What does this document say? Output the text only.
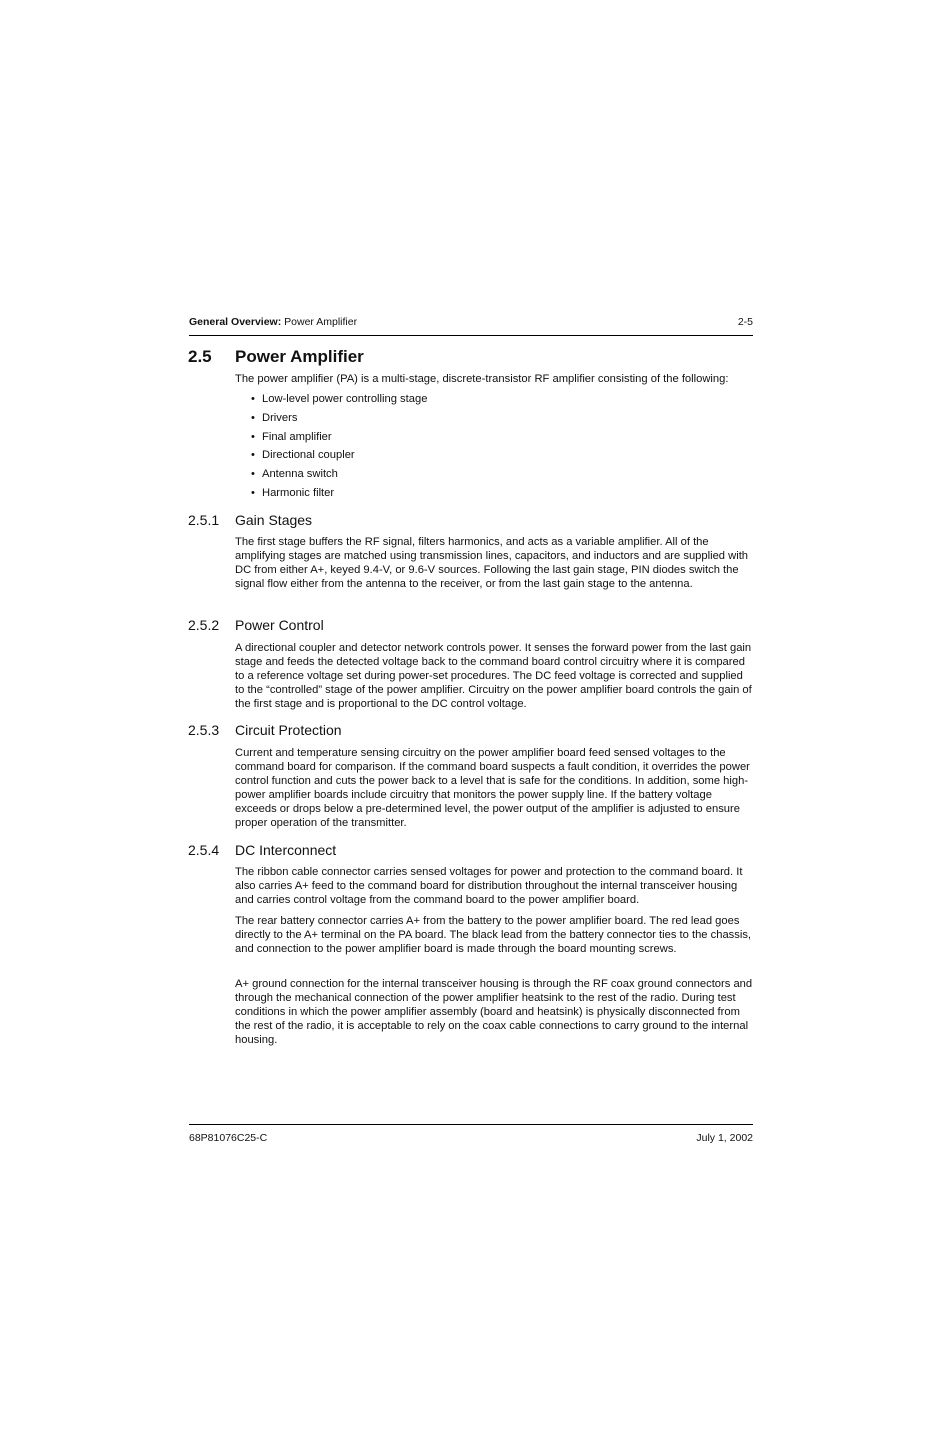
General Overview: Power Amplifier	2-5
2.5 Power Amplifier
The power amplifier (PA) is a multi-stage, discrete-transistor RF amplifier consisting of the following:
• Low-level power controlling stage
• Drivers
• Final amplifier
• Directional coupler
• Antenna switch
• Harmonic filter
2.5.1 Gain Stages
The first stage buffers the RF signal, filters harmonics, and acts as a variable amplifier. All of the amplifying stages are matched using transmission lines, capacitors, and inductors and are supplied with DC from either A+, keyed 9.4-V, or 9.6-V sources. Following the last gain stage, PIN diodes switch the signal flow either from the antenna to the receiver, or from the last gain stage to the antenna.
2.5.2 Power Control
A directional coupler and detector network controls power. It senses the forward power from the last gain stage and feeds the detected voltage back to the command board control circuitry where it is compared to a reference voltage set during power-set procedures. The DC feed voltage is corrected and supplied to the “controlled” stage of the power amplifier. Circuitry on the power amplifier board controls the gain of the first stage and is proportional to the DC control voltage.
2.5.3 Circuit Protection
Current and temperature sensing circuitry on the power amplifier board feed sensed voltages to the command board for comparison. If the command board suspects a fault condition, it overrides the power control function and cuts the power back to a level that is safe for the conditions. In addition, some high-power amplifier boards include circuitry that monitors the power supply line. If the battery voltage exceeds or drops below a pre-determined level, the power output of the amplifier is adjusted to ensure proper operation of the transmitter.
2.5.4 DC Interconnect
The ribbon cable connector carries sensed voltages for power and protection to the command board. It also carries A+ feed to the command board for distribution throughout the internal transceiver housing and carries control voltage from the command board to the power amplifier board.
The rear battery connector carries A+ from the battery to the power amplifier board. The red lead goes directly to the A+ terminal on the PA board. The black lead from the battery connector ties to the chassis, and connection to the power amplifier board is made through the board mounting screws.
A+ ground connection for the internal transceiver housing is through the RF coax ground connectors and through the mechanical connection of the power amplifier heatsink to the rest of the radio. During test conditions in which the power amplifier assembly (board and heatsink) is physically disconnected from the rest of the radio, it is acceptable to rely on the coax cable connections to carry ground to the internal housing.
68P81076C25-C	July 1, 2002
